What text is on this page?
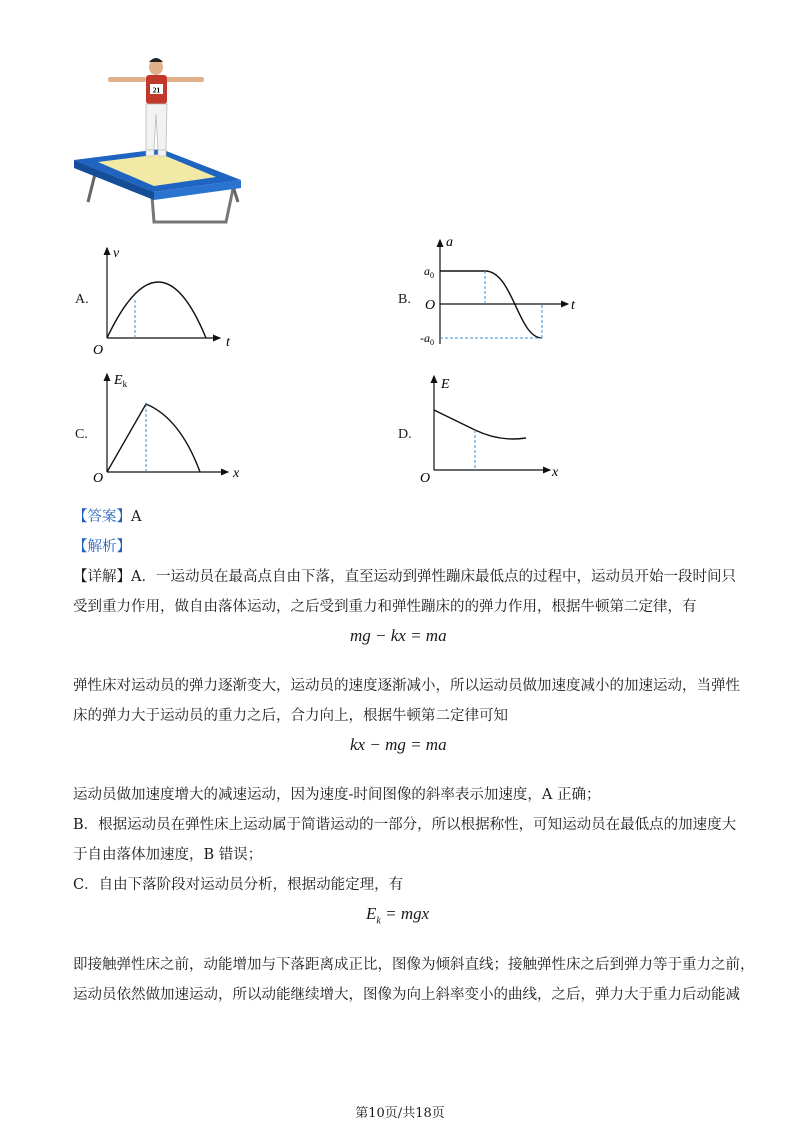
21
A.
v
t
O
B.
a
t
O
$a_0$
$-a_0$
C.
$E_k$
x
O
D.
E
x
O
【答案】A
【解析】
【详解】A．一运动员在最高点自由下落，直至运动到弹性蹦床最低点的过程中，运动员开始一段时间只
受到重力作用，做自由落体运动，之后受到重力和弹性蹦床的的弹力作用，根据牛顿第二定律，有
mg − kx = ma
弹性床对运动员的弹力逐渐变大，运动员的速度逐渐减小，所以运动员做加速度减小的加速运动，当弹性
床的弹力大于运动员的重力之后，合力向上，根据牛顿第二定律可知
kx − mg = ma
运动员做加速度增大的减速运动，因为速度-时间图像的斜率表示加速度，A 正确；
B．根据运动员在弹性床上运动属于简谐运动的一部分，所以根据称性，可知运动员在最低点的加速度大
于自由落体加速度，B 错误；
C．自由下落阶段对运动员分析，根据动能定理，有
$E_k$ = mgx
即接触弹性床之前，动能增加与下落距离成正比，图像为倾斜直线；接触弹性床之后到弹力等于重力之前，
运动员依然做加速运动，所以动能继续增大，图像为向上斜率变小的曲线，之后，弹力大于重力后动能减
第10页/共18页
